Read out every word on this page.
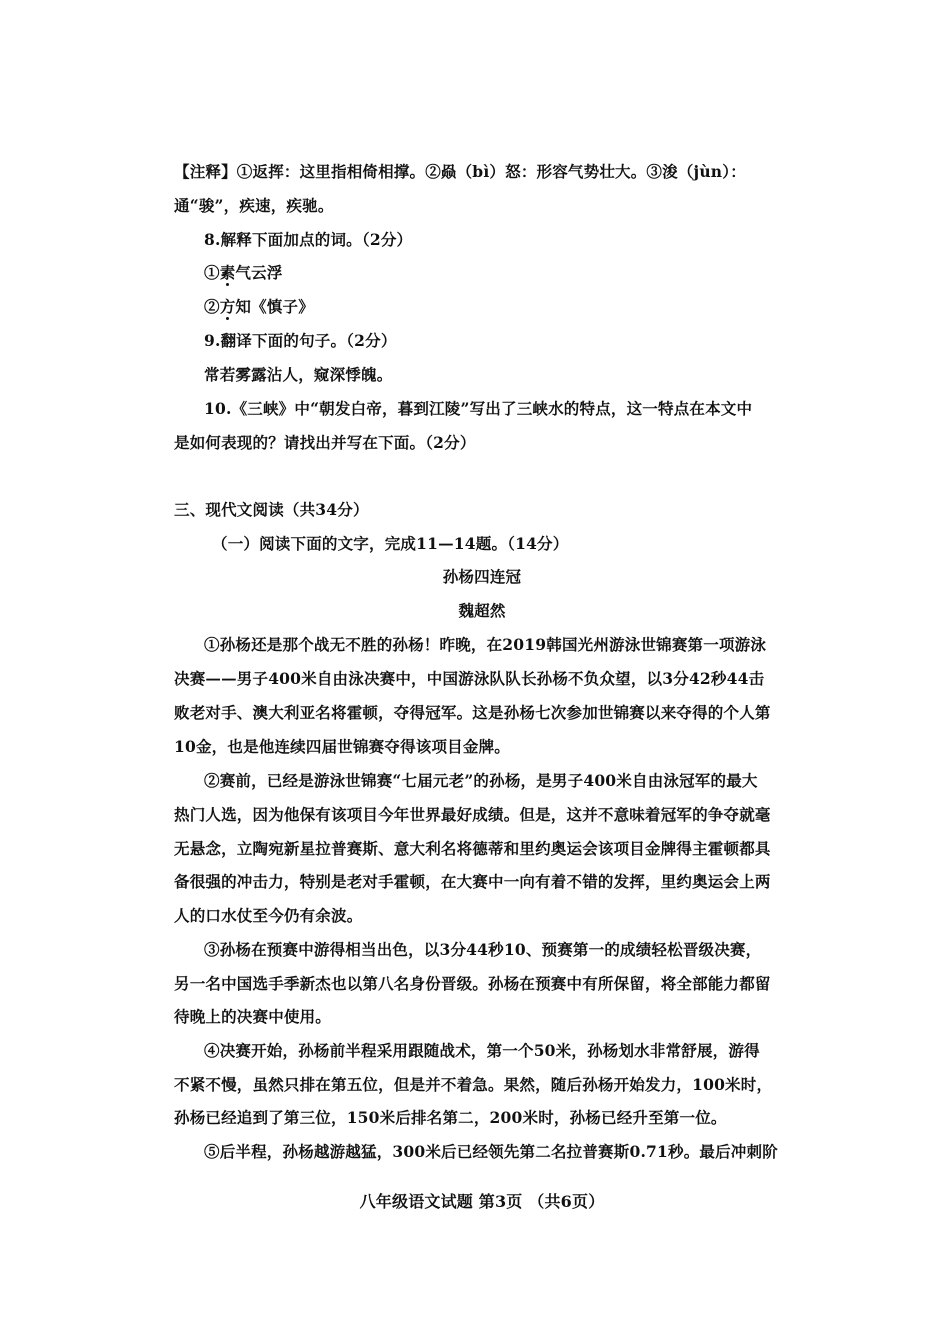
【注释】①返挥：这里指相倚相撑。②赑（bì）怒：形容气势壮大。③浚（jùn）：
通“骏”，疾速，疾驰。
8.解释下面加点的词。（2分）
①素气云浮
②方知《慎子》
9.翻译下面的句子。（2分）
常若雾露沾人，窥深悸魄。
10.《三峡》中“朝发白帝，暮到江陵”写出了三峡水的特点，这一特点在本文中
是如何表现的？请找出并写在下面。（2分）
三、现代文阅读（共34分）
（一）阅读下面的文字，完成11—14题。（14分）
孙杨四连冠
魏超然
①孙杨还是那个战无不胜的孙杨！昨晚，在2019韩国光州游泳世锦赛第一项游泳
决赛——男子400米自由泳决赛中，中国游泳队队长孙杨不负众望，以3分42秒44击
败老对手、澳大利亚名将霍顿，夺得冠军。这是孙杨七次参加世锦赛以来夺得的个人第
10金，也是他连续四届世锦赛夺得该项目金牌。
②赛前，已经是游泳世锦赛“七届元老”的孙杨，是男子400米自由泳冠军的最大
热门人选，因为他保有该项目今年世界最好成绩。但是，这并不意味着冠军的争夺就毫
无悬念，立陶宛新星拉普赛斯、意大利名将德蒂和里约奥运会该项目金牌得主霍顿都具
备很强的冲击力，特别是老对手霍顿，在大赛中一向有着不错的发挥，里约奥运会上两
人的口水仗至今仍有余波。
③孙杨在预赛中游得相当出色，以3分44秒10、预赛第一的成绩轻松晋级决赛，
另一名中国选手季新杰也以第八名身份晋级。孙杨在预赛中有所保留，将全部能力都留
待晚上的决赛中使用。
④决赛开始，孙杨前半程采用跟随战术，第一个50米，孙杨划水非常舒展，游得
不紧不慢，虽然只排在第五位，但是并不着急。果然，随后孙杨开始发力，100米时，
孙杨已经追到了第三位，150米后排名第二，200米时，孙杨已经升至第一位。
⑤后半程，孙杨越游越猛，300米后已经领先第二名拉普赛斯0.71秒。最后冲刺阶
八年级语文试题 第3页 （共6页）
